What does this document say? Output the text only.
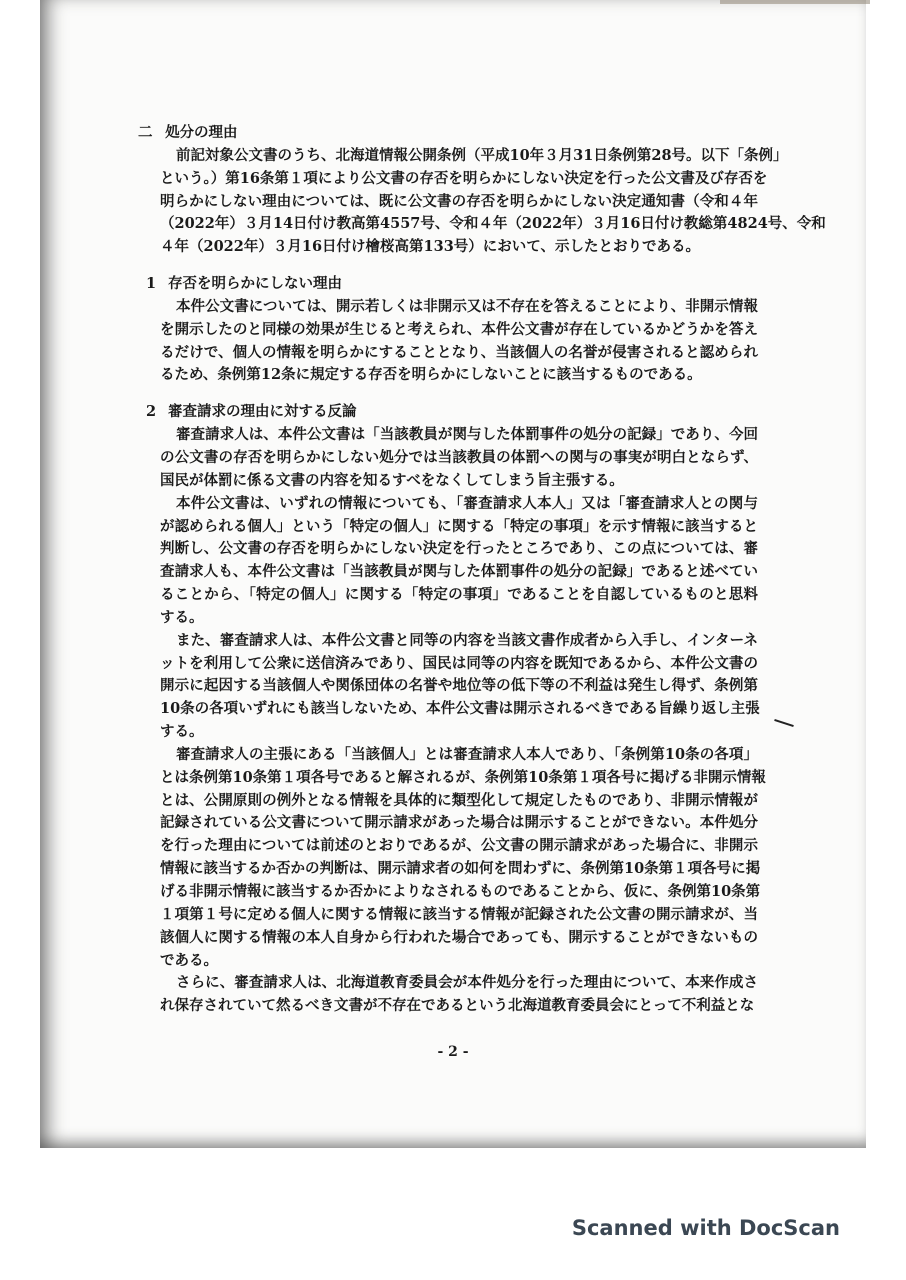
二 処分の理由
前記対象公文書のうち、北海道情報公開条例（平成10年３月31日条例第28号。以下「条例」
という。）第16条第１項により公文書の存否を明らかにしない決定を行った公文書及び存否を
明らかにしない理由については、既に公文書の存否を明らかにしない決定通知書（令和４年
（2022年）３月14日付け教高第4557号、令和４年（2022年）３月16日付け教総第4824号、令和
４年（2022年）３月16日付け檜桜高第133号）において、示したとおりである。
1 存否を明らかにしない理由
本件公文書については、開示若しくは非開示又は不存在を答えることにより、非開示情報
を開示したのと同様の効果が生じると考えられ、本件公文書が存在しているかどうかを答え
るだけで、個人の情報を明らかにすることとなり、当該個人の名誉が侵害されると認められ
るため、条例第12条に規定する存否を明らかにしないことに該当するものである。
2 審査請求の理由に対する反論
審査請求人は、本件公文書は「当該教員が関与した体罰事件の処分の記録」であり、今回
の公文書の存否を明らかにしない処分では当該教員の体罰への関与の事実が明白とならず、
国民が体罰に係る文書の内容を知るすべをなくしてしまう旨主張する。
本件公文書は、いずれの情報についても、「審査請求人本人」又は「審査請求人との関与
が認められる個人」という「特定の個人」に関する「特定の事項」を示す情報に該当すると
判断し、公文書の存否を明らかにしない決定を行ったところであり、この点については、審
査請求人も、本件公文書は「当該教員が関与した体罰事件の処分の記録」であると述べてい
ることから、「特定の個人」に関する「特定の事項」であることを自認しているものと思料
する。
また、審査請求人は、本件公文書と同等の内容を当該文書作成者から入手し、インターネ
ットを利用して公衆に送信済みであり、国民は同等の内容を既知であるから、本件公文書の
開示に起因する当該個人や関係団体の名誉や地位等の低下等の不利益は発生し得ず、条例第
10条の各項いずれにも該当しないため、本件公文書は開示されるべきである旨繰り返し主張
する。
審査請求人の主張にある「当該個人」とは審査請求人本人であり、「条例第10条の各項」
とは条例第10条第１項各号であると解されるが、条例第10条第１項各号に掲げる非開示情報
とは、公開原則の例外となる情報を具体的に類型化して規定したものであり、非開示情報が
記録されている公文書について開示請求があった場合は開示することができない。本件処分
を行った理由については前述のとおりであるが、公文書の開示請求があった場合に、非開示
情報に該当するか否かの判断は、開示請求者の如何を問わずに、条例第10条第１項各号に掲
げる非開示情報に該当するか否かによりなされるものであることから、仮に、条例第10条第
１項第１号に定める個人に関する情報に該当する情報が記録された公文書の開示請求が、当
該個人に関する情報の本人自身から行われた場合であっても、開示することができないもの
である。
さらに、審査請求人は、北海道教育委員会が本件処分を行った理由について、本来作成さ
れ保存されていて然るべき文書が不存在であるという北海道教育委員会にとって不利益とな
- 2 -
Scanned with DocScan
